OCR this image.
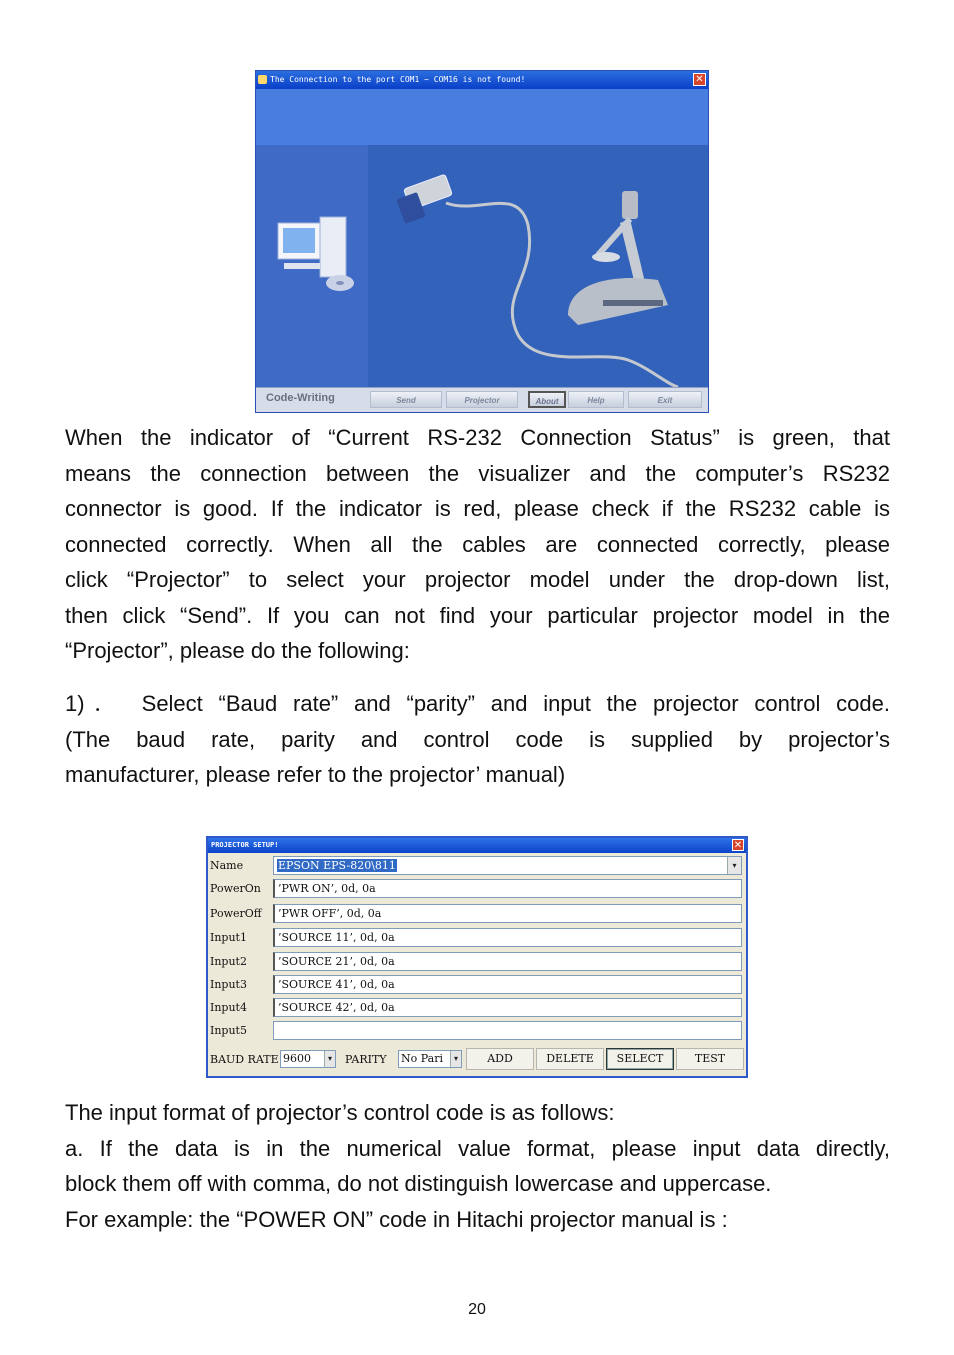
The Connection to the port COM1 ~ COM16 is not found!	✕
Code-Writing	Send	Projector	About	Help	Exit

When the indicator of “Current RS-232 Connection Status” is green, that
means the connection between the visualizer and the computer’s RS232
connector is good. If the indicator is red, please check if the RS232 cable is
connected correctly. When all the cables are connected correctly, please
click “Projector” to select your projector model under the drop-down list,
then click “Send”. If you can not find your particular projector model in the
“Projector”, please do the following:

1)． Select “Baud rate” and “parity” and input the projector control code.
(The baud rate, parity and control code is supplied by projector’s
manufacturer, please refer to the projector’ manual)

PROJECTOR SETUP!	✕
Name	EPSON EPS-820\811	▾
PowerOn	’PWR ON’, 0d, 0a
PowerOff	’PWR OFF’, 0d, 0a
Input1	’SOURCE 11’, 0d, 0a
Input2	’SOURCE 21’, 0d, 0a
Input3	’SOURCE 41’, 0d, 0a
Input4	’SOURCE 42’, 0d, 0a
Input5
BAUD RATE 9600	▾ PARITY No Pari	▾	ADD	DELETE	SELECT	TEST

The input format of projector’s control code is as follows:
a. If the data is in the numerical value format, please input data directly,
block them off with comma, do not distinguish lowercase and uppercase.
For example: the “POWER ON” code in Hitachi projector manual is :

20
